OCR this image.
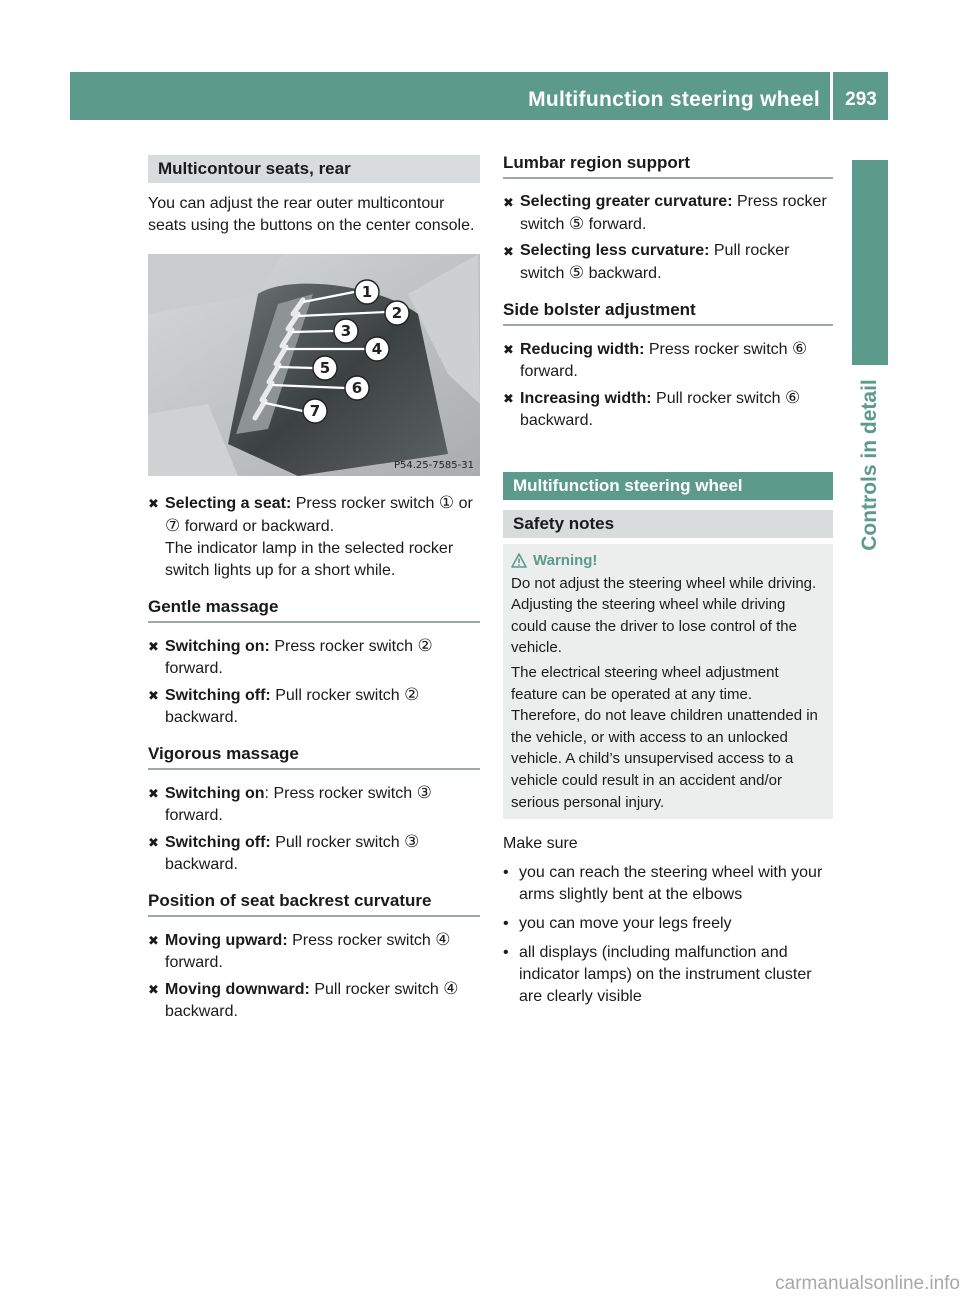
Multifunction steering wheel	293
Controls in detail
Multicontour seats, rear

You can adjust the rear outer multicontour seats using the buttons on the center console.

1
2
3
4
5
6
7
P54.25-7585-31
✖ Selecting a seat: Press rocker switch ① or ⑦ forward or backward.
The indicator lamp in the selected rocker switch lights up for a short while.
Gentle massage
✖ Switching on: Press rocker switch ② forward.
✖ Switching off: Pull rocker switch ② backward.
Vigorous massage
✖ Switching on: Press rocker switch ③ forward.
✖ Switching off: Pull rocker switch ③ backward.
Position of seat backrest curvature
✖ Moving upward: Press rocker switch ④ forward.
✖ Moving downward: Pull rocker switch ④ backward.
Lumbar region support
✖ Selecting greater curvature: Press rocker switch ⑤ forward.
✖ Selecting less curvature: Pull rocker switch ⑤ backward.
Side bolster adjustment
✖ Reducing width: Press rocker switch ⑥ forward.
✖ Increasing width: Pull rocker switch ⑥ backward.
Multifunction steering wheel
Safety notes
Warning!

Do not adjust the steering wheel while driving. Adjusting the steering wheel while driving could cause the driver to lose control of the vehicle.

The electrical steering wheel adjustment feature can be operated at any time. Therefore, do not leave children unattended in the vehicle, or with access to an unlocked vehicle. A child’s unsupervised access to a vehicle could result in an accident and/or serious personal injury.

Make sure

• you can reach the steering wheel with your arms slightly bent at the elbows
• you can move your legs freely
• all displays (including malfunction and indicator lamps) on the instrument cluster are clearly visible
carmanualsonline.info
